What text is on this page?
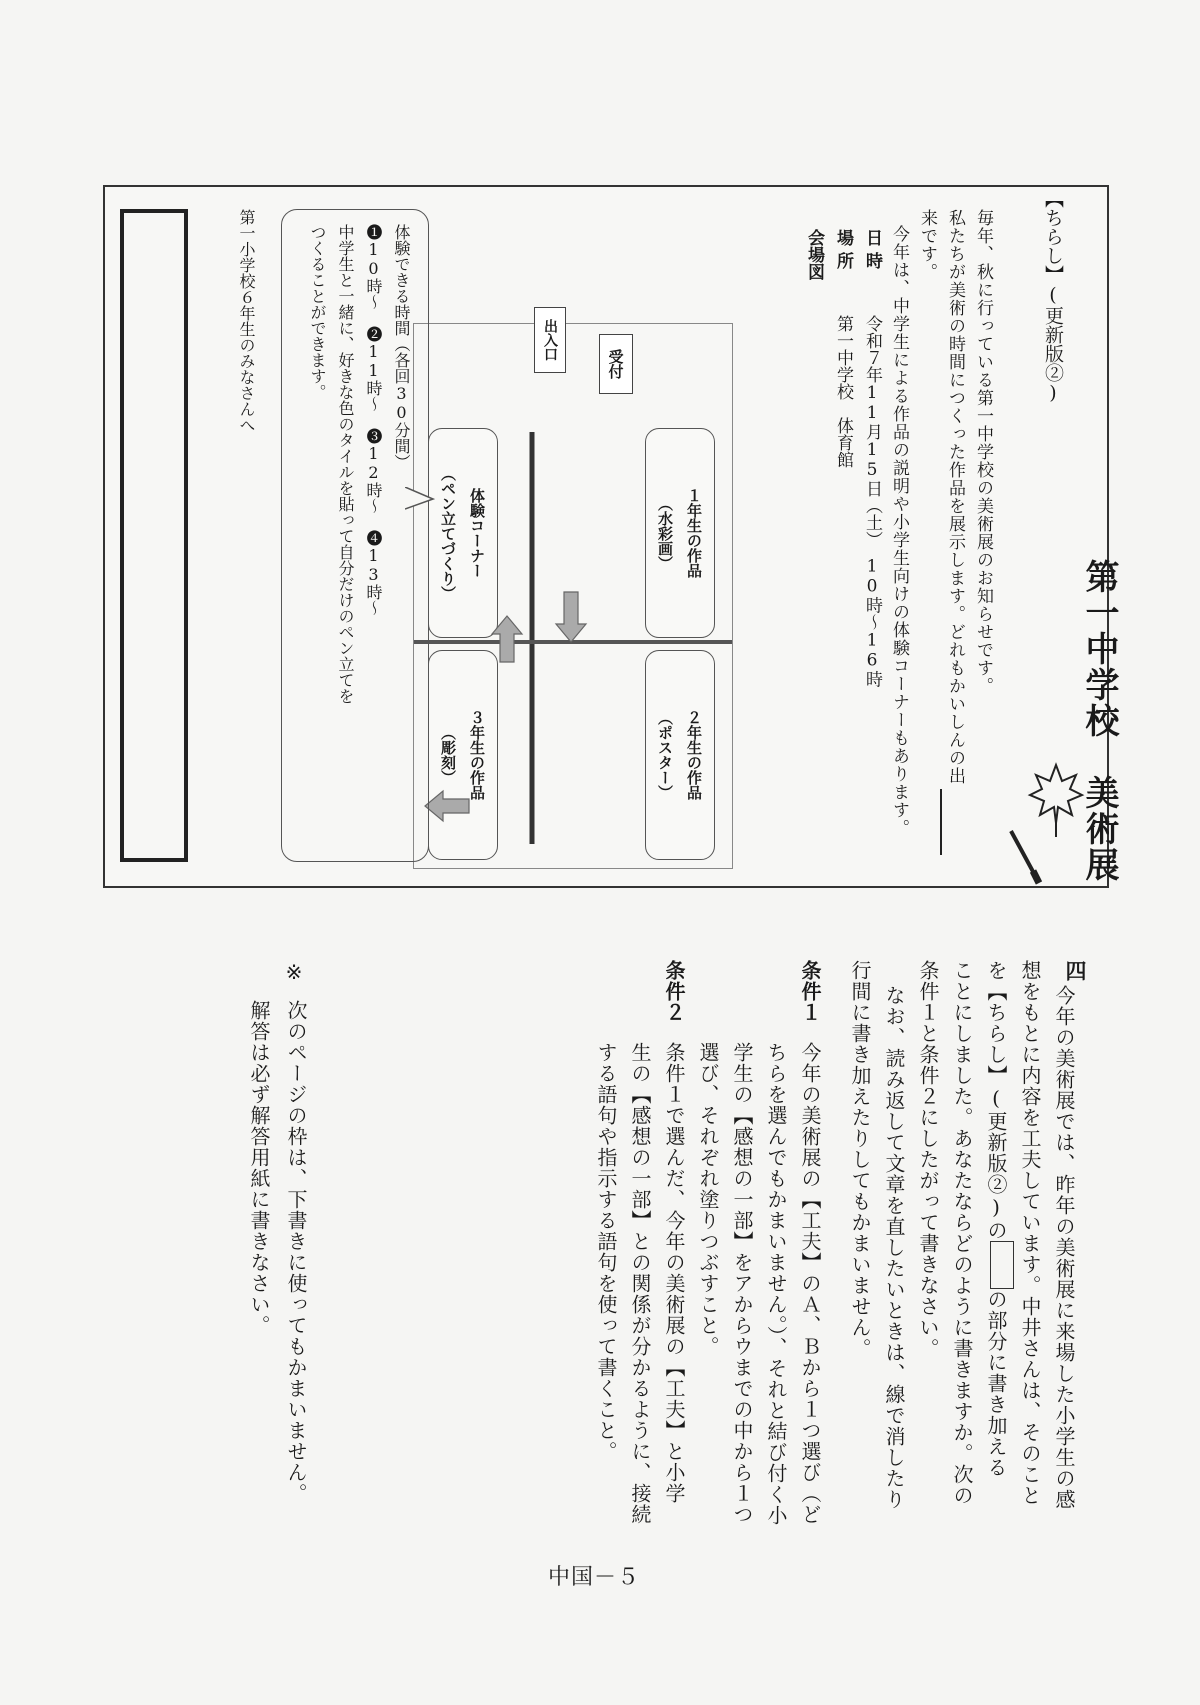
【ちらし】(更新版②)
第一中学校　美術展
毎年、秋に行っている第一中学校の美術展のお知らせです。
私たちが美術の時間につくった作品を展示します。どれもかいしんの出
来です。
今年は、中学生による作品の説明や小学生向けの体験コーナーもあります。
日時
令和７年11月15日（土）　10時～16時
場所
第一中学校　体育館
会場図
出入口
受付
１年生の作品
（水彩画）
２年生の作品
（ポスター）
体験コーナー
（ペン立てづくり）
３年生の作品
（彫刻）
体験できる時間（各回30分間）
❶10時～　❷11時～　❸12時～　❹13時～
中学生と一緒に、好きな色のタイルを貼って自分だけのペン立てを
つくることができます。
第一小学校６年生のみなさんへ
四
今年の美術展では、昨年の美術展に来場した小学生の感
想をもとに内容を工夫しています。中井さんは、そのこと
を【ちらし】(更新版②)のの部分に書き加える
ことにしました。あなたならどのように書きますか。次の
条件１と条件２にしたがって書きなさい。
なお、読み返して文章を直したいときは、線で消したり
行間に書き加えたりしてもかまいません。
条件１
今年の美術展の【工夫】のＡ、Ｂから１つ選び（ど
ちらを選んでもかまいません。）、それと結び付く小
学生の【感想の一部】をアからウまでの中から１つ
選び、それぞれ塗りつぶすこと。
条件２
条件１で選んだ、今年の美術展の【工夫】と小学
生の【感想の一部】との関係が分かるように、接続
する語句や指示する語句を使って書くこと。
※
次のページの枠は、下書きに使ってもかまいません。
解答は必ず解答用紙に書きなさい。
中国－５
